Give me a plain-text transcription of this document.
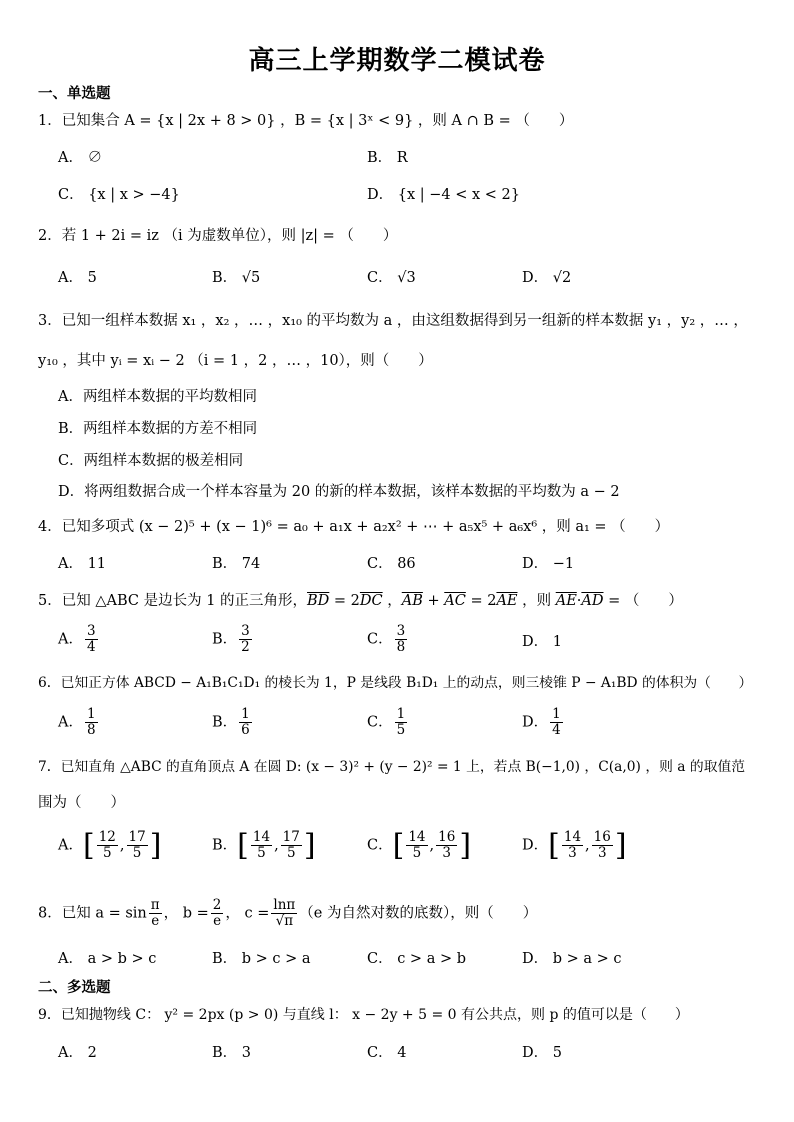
高三上学期数学二模试卷
一、单选题
1．已知集合 A = {x | 2x + 8 > 0} ，B = {x | 3ˣ < 9} ，则 A ∩ B = （　　）
A． ∅	B． R
C． {x | x > −4}	D． {x | −4 < x < 2}
2．若 1 + 2i = iz （i 为虚数单位），则 |z| = （　　）
A． 5	B． √5	C． √3	D． √2
3．已知一组样本数据 x₁ ，x₂ ，… ，x₁₀ 的平均数为 a ，由这组数据得到另一组新的样本数据 y₁ ，y₂ ，… ，
y₁₀ ，其中 yᵢ = xᵢ − 2 （i = 1 ，2 ，… ，10），则（　　）
A．两组样本数据的平均数相同
B．两组样本数据的方差不相同
C．两组样本数据的极差相同
D．将两组数据合成一个样本容量为 20 的新的样本数据，该样本数据的平均数为 a − 2
4．已知多项式 (x − 2)⁵ + (x − 1)⁶ = a₀ + a₁x + a₂x² + ⋯ + a₅x⁵ + a₆x⁶ ，则 a₁ = （　　）
A． 11	B． 74	C． 86	D． −1
5．已知 △ABC 是边长为 1 的正三角形，$\overline{BD} = 2\overline{DC}$ ，$\overline{AB} + \overline{AC} = 2\overline{AE}$ ，则 $\overline{AE}\cdot\overline{AD}$ = （　　）
A． $\frac{3}{4}$	B． $\frac{3}{2}$	C． $\frac{3}{8}$	D． 1
6．已知正方体 ABCD − A₁B₁C₁D₁ 的棱长为 1，P 是线段 B₁D₁ 上的动点，则三棱锥 P − A₁BD 的体积为（　　）
A． $\frac{1}{8}$	B． $\frac{1}{6}$	C． $\frac{1}{5}$	D． $\frac{1}{4}$
7．已知直角 △ABC 的直角顶点 A 在圆 D: (x − 3)² + (y − 2)² = 1 上，若点 B(−1,0) ，C(a,0) ，则 a 的取值范
围为（　　）
A．[ $\frac{12}{5}$ , $\frac{17}{5}$ ]	B．[ $\frac{14}{5}$ , $\frac{17}{5}$ ]	C．[ $\frac{14}{5}$ , $\frac{16}{3}$ ]	D．[ $\frac{14}{3}$ , $\frac{16}{3}$ ]
8．已知 $a = \sin \frac{\pi}{e}$ ， $b = \frac{2}{e}$ ， $c = \frac{\ln\pi}{√\pi} (e$ 为自然对数的底数），则（　　）
A． a > b > c	B． b > c > a	C． c > a > b	D． b > a > c
二、多选题
9．已知抛物线 C： y² = 2px (p > 0) 与直线 l： x − 2y + 5 = 0 有公共点，则 p 的值可以是（　　）
A． 2	B． 3	C． 4	D． 5
